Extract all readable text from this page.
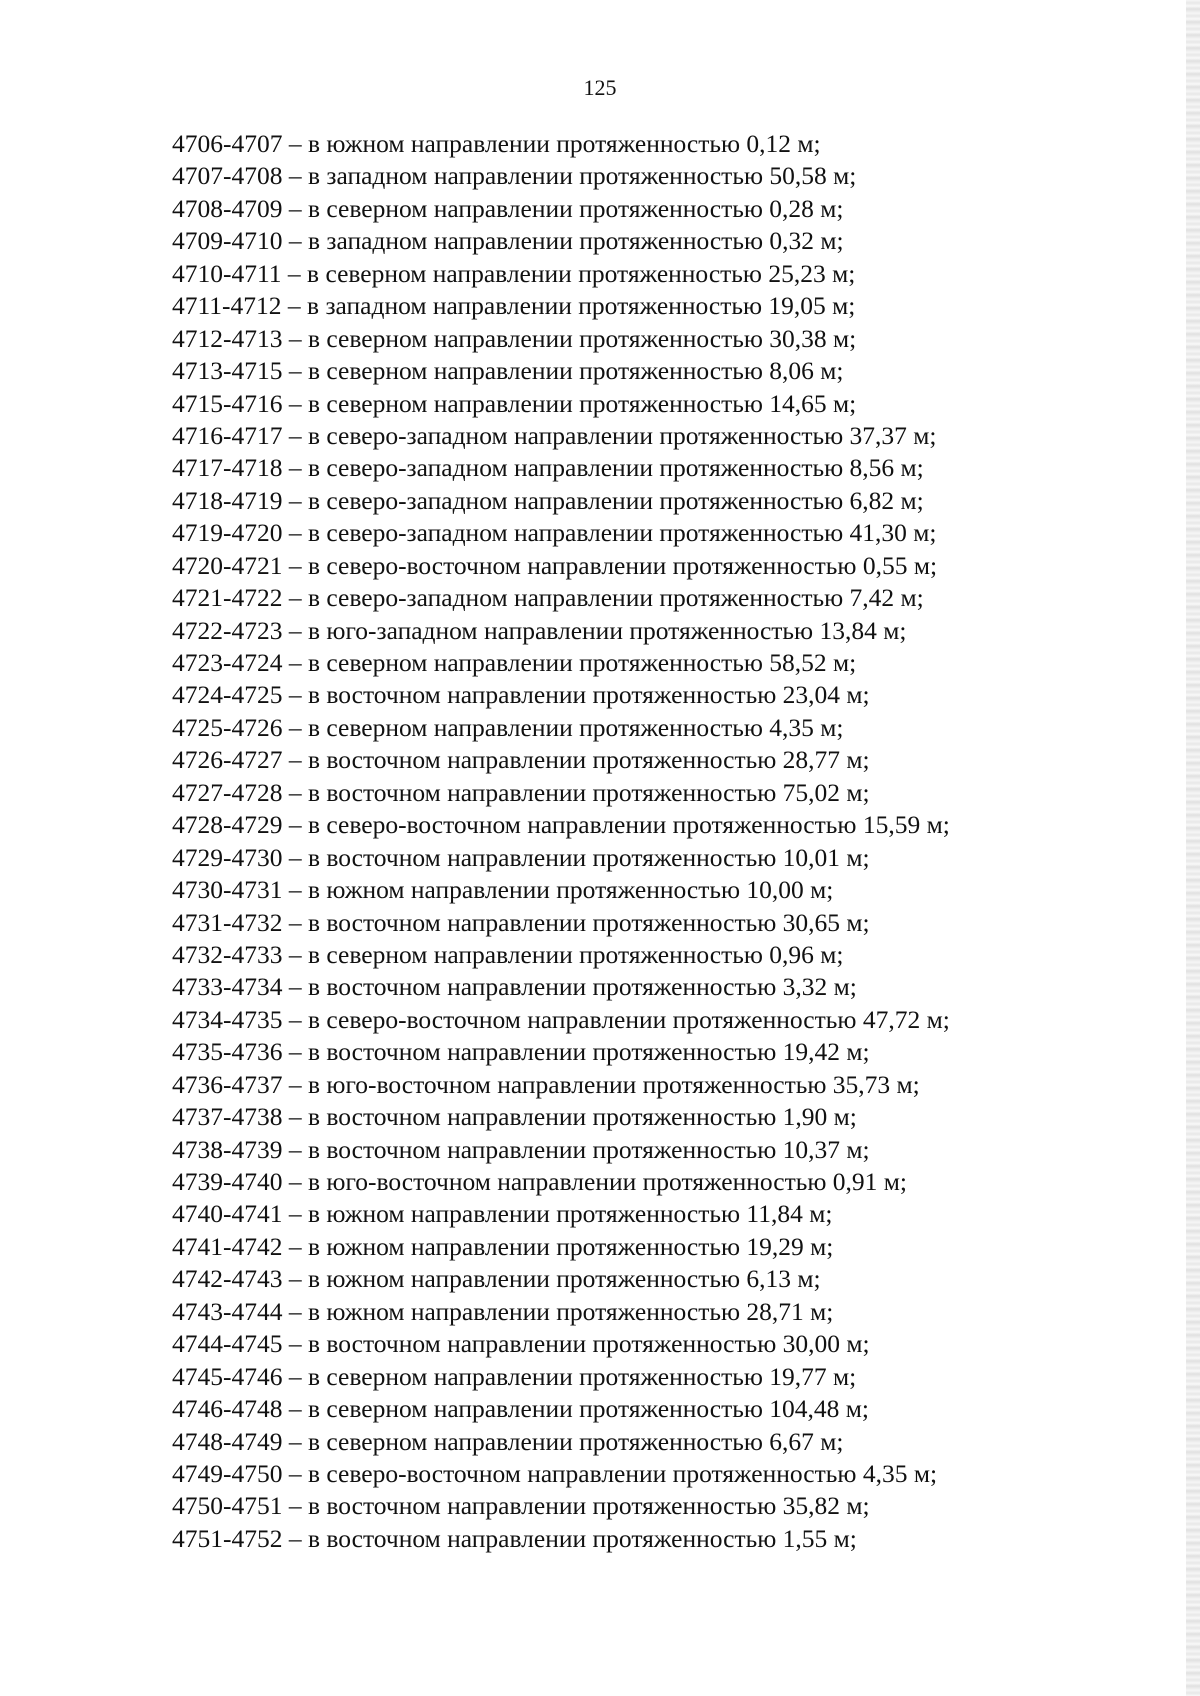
125
4706-4707 – в южном направлении протяженностью 0,12 м;
4707-4708 – в западном направлении протяженностью 50,58 м;
4708-4709 – в северном направлении протяженностью 0,28 м;
4709-4710 – в западном направлении протяженностью 0,32 м;
4710-4711 – в северном направлении протяженностью 25,23 м;
4711-4712 – в западном направлении протяженностью 19,05 м;
4712-4713 – в северном направлении протяженностью 30,38 м;
4713-4715 – в северном направлении протяженностью 8,06 м;
4715-4716 – в северном направлении протяженностью 14,65 м;
4716-4717 – в северо-западном направлении протяженностью 37,37 м;
4717-4718 – в северо-западном направлении протяженностью 8,56 м;
4718-4719 – в северо-западном направлении протяженностью 6,82 м;
4719-4720 – в северо-западном направлении протяженностью 41,30 м;
4720-4721 – в северо-восточном направлении протяженностью 0,55 м;
4721-4722 – в северо-западном направлении протяженностью 7,42 м;
4722-4723 – в юго-западном направлении протяженностью 13,84 м;
4723-4724 – в северном направлении протяженностью 58,52 м;
4724-4725 – в восточном направлении протяженностью 23,04 м;
4725-4726 – в северном направлении протяженностью 4,35 м;
4726-4727 – в восточном направлении протяженностью 28,77 м;
4727-4728 – в восточном направлении протяженностью 75,02 м;
4728-4729 – в северо-восточном направлении протяженностью 15,59 м;
4729-4730 – в восточном направлении протяженностью 10,01 м;
4730-4731 – в южном направлении протяженностью 10,00 м;
4731-4732 – в восточном направлении протяженностью 30,65 м;
4732-4733 – в северном направлении протяженностью 0,96 м;
4733-4734 – в восточном направлении протяженностью 3,32 м;
4734-4735 – в северо-восточном направлении протяженностью 47,72 м;
4735-4736 – в восточном направлении протяженностью 19,42 м;
4736-4737 – в юго-восточном направлении протяженностью 35,73 м;
4737-4738 – в восточном направлении протяженностью 1,90 м;
4738-4739 – в восточном направлении протяженностью 10,37 м;
4739-4740 – в юго-восточном направлении протяженностью 0,91 м;
4740-4741 – в южном направлении протяженностью 11,84 м;
4741-4742 – в южном направлении протяженностью 19,29 м;
4742-4743 – в южном направлении протяженностью 6,13 м;
4743-4744 – в южном направлении протяженностью 28,71 м;
4744-4745 – в восточном направлении протяженностью 30,00 м;
4745-4746 – в северном направлении протяженностью 19,77 м;
4746-4748 – в северном направлении протяженностью 104,48 м;
4748-4749 – в северном направлении протяженностью 6,67 м;
4749-4750 – в северо-восточном направлении протяженностью 4,35 м;
4750-4751 – в восточном направлении протяженностью 35,82 м;
4751-4752 – в восточном направлении протяженностью 1,55 м;
